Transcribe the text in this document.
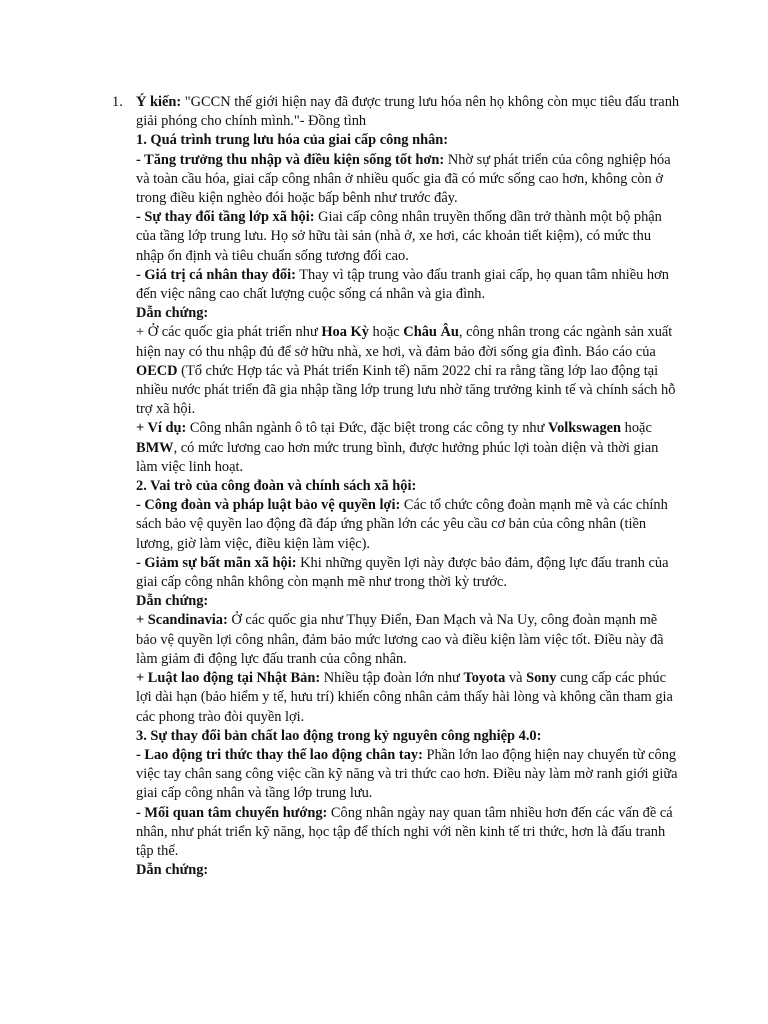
1. Ý kiến: "GCCN thế giới hiện nay đã được trung lưu hóa nên họ không còn mục tiêu đấu tranh giải phóng cho chính mình."- Đồng tình

1. Quá trình trung lưu hóa của giai cấp công nhân:

- Tăng trưởng thu nhập và điều kiện sống tốt hơn: Nhờ sự phát triển của công nghiệp hóa và toàn cầu hóa, giai cấp công nhân ở nhiều quốc gia đã có mức sống cao hơn, không còn ở trong điều kiện nghèo đói hoặc bấp bênh như trước đây.

- Sự thay đổi tầng lớp xã hội: Giai cấp công nhân truyền thống dần trở thành một bộ phận của tầng lớp trung lưu. Họ sở hữu tài sản (nhà ở, xe hơi, các khoản tiết kiệm), có mức thu nhập ổn định và tiêu chuẩn sống tương đối cao.

- Giá trị cá nhân thay đổi: Thay vì tập trung vào đấu tranh giai cấp, họ quan tâm nhiều hơn đến việc nâng cao chất lượng cuộc sống cá nhân và gia đình.

Dẫn chứng:

+ Ở các quốc gia phát triển như Hoa Kỳ hoặc Châu Âu, công nhân trong các ngành sản xuất hiện nay có thu nhập đủ để sở hữu nhà, xe hơi, và đảm bảo đời sống gia đình. Báo cáo của OECD (Tổ chức Hợp tác và Phát triển Kinh tế) năm 2022 chỉ ra rằng tầng lớp lao động tại nhiều nước phát triển đã gia nhập tầng lớp trung lưu nhờ tăng trưởng kinh tế và chính sách hỗ trợ xã hội.

+ Ví dụ: Công nhân ngành ô tô tại Đức, đặc biệt trong các công ty như Volkswagen hoặc BMW, có mức lương cao hơn mức trung bình, được hưởng phúc lợi toàn diện và thời gian làm việc linh hoạt.

2. Vai trò của công đoàn và chính sách xã hội:

- Công đoàn và pháp luật bảo vệ quyền lợi: Các tổ chức công đoàn mạnh mẽ và các chính sách bảo vệ quyền lao động đã đáp ứng phần lớn các yêu cầu cơ bản của công nhân (tiền lương, giờ làm việc, điều kiện làm việc).

- Giảm sự bất mãn xã hội: Khi những quyền lợi này được bảo đảm, động lực đấu tranh của giai cấp công nhân không còn mạnh mẽ như trong thời kỳ trước.

Dẫn chứng:

+ Scandinavia: Ở các quốc gia như Thụy Điển, Đan Mạch và Na Uy, công đoàn mạnh mẽ bảo vệ quyền lợi công nhân, đảm bảo mức lương cao và điều kiện làm việc tốt. Điều này đã làm giảm đi động lực đấu tranh của công nhân.

+ Luật lao động tại Nhật Bản: Nhiều tập đoàn lớn như Toyota và Sony cung cấp các phúc lợi dài hạn (bảo hiểm y tế, hưu trí) khiến công nhân cảm thấy hài lòng và không cần tham gia các phong trào đòi quyền lợi.

3. Sự thay đổi bản chất lao động trong kỷ nguyên công nghiệp 4.0:

- Lao động tri thức thay thế lao động chân tay: Phần lớn lao động hiện nay chuyển từ công việc tay chân sang công việc cần kỹ năng và tri thức cao hơn. Điều này làm mờ ranh giới giữa giai cấp công nhân và tầng lớp trung lưu.

- Mối quan tâm chuyển hướng: Công nhân ngày nay quan tâm nhiều hơn đến các vấn đề cá nhân, như phát triển kỹ năng, học tập để thích nghi với nền kinh tế tri thức, hơn là đấu tranh tập thể.

Dẫn chứng:
